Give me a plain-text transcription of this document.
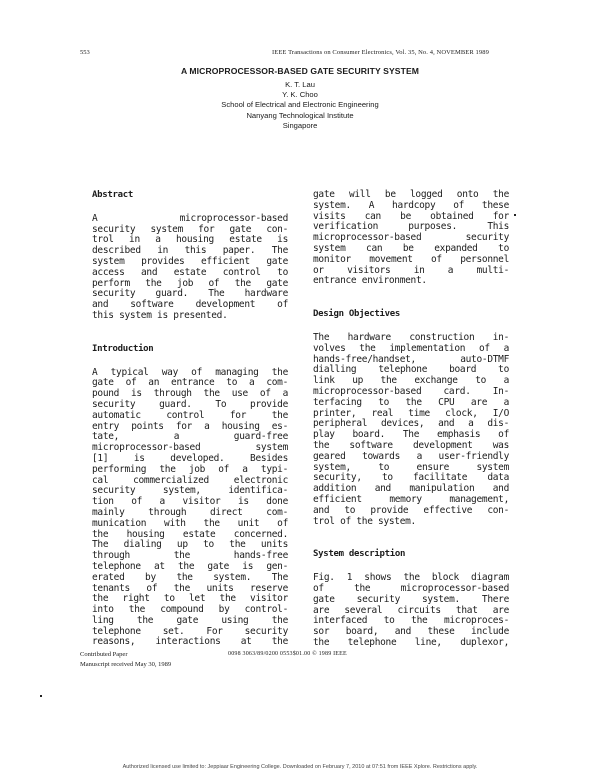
553	IEEE Transactions on Consumer Electronics, Vol. 35, No. 4, NOVEMBER 1989
A MICROPROCESSOR-BASED GATE SECURITY SYSTEM
K. T. Lau
Y. K. Choo
School of Electrical and Electronic Engineering
Nanyang Technological Institute
Singapore
Abstract
A microprocessor-based
security system for gate con-
trol in a housing estate is
described in this paper. The
system provides efficient gate
access and estate control to
perform the job of the gate
security guard. The hardware
and software development of
this system is presented.
Introduction
A typical way of managing the
gate of an entrance to a com-
pound is through the use of a
security guard. To provide
automatic control for the
entry points for a housing es-
tate, a guard-free
microprocessor-based system
[1] is developed. Besides
performing the job of a typi-
cal commercialized electronic
security system, identifica-
tion of a visitor is done
mainly through direct com-
munication with the unit of
the housing estate concerned.
The dialing up to the units
through the hands-free
telephone at the gate is gen-
erated by the system. The
tenants of the units reserve
the right to let the visitor
into the compound by control-
ling the gate using the
telephone set. For security
reasons, interactions at the
gate will be logged onto the
system. A hardcopy of these
visits can be obtained for
verification purposes. This
microprocessor-based security
system can be expanded to
monitor movement of personnel
or visitors in a multi-
entrance environment.
Design Objectives
The hardware construction in-
volves the implementation of a
hands-free/handset, auto-DTMF
dialling telephone board to
link up the exchange to a
microprocessor-based card. In-
terfacing to the CPU are a
printer, real time clock, I/O
peripheral devices, and a dis-
play board. The emphasis of
the software development was
geared towards a user-friendly
system, to ensure system
security, to facilitate data
addition and manipulation and
efficient memory management,
and to provide effective con-
trol of the system.
System description
Fig. 1 shows the block diagram
of the microprocessor-based
gate security system. There
are several circuits that are
interfaced to the microproces-
sor board, and these include
the telephone line, duplexor,
Contributed Paper
Manuscript received May 30, 1989
0098 3063/89/0200 0553$01.00 © 1989 IEEE
Authorized licensed use limited to: Jeppiaar Engineering College. Downloaded on February 7, 2010 at 07:51 from IEEE Xplore. Restrictions apply.
